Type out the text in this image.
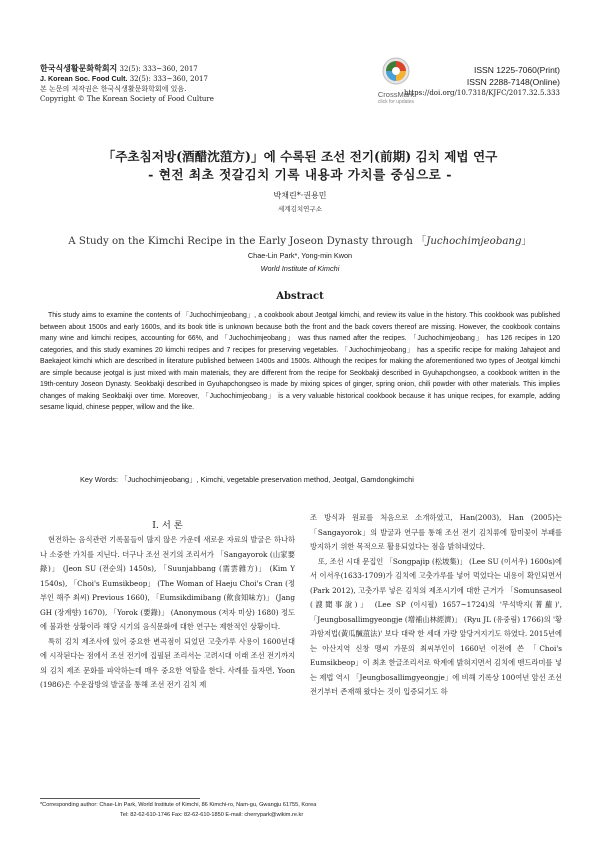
한국식생활문화학회지 32(5): 333~360, 2017
J. Korean Soc. Food Cult. 32(5): 333~360, 2017
본 논문의 저작권은 한국식생활문화학회에 있음.
Copyright © The Korean Society of Food Culture	CrossMark
click for updates
ISSN 1225-7060(Print)
ISSN 2288-7148(Online)
https://doi.org/10.7318/KJFC/2017.32.5.333
「주초침저방(酒醋沈菹方)」에 수록된 조선 전기(前期) 김치 제법 연구
- 현전 최초 젓갈김치 기록 내용과 가치를 중심으로 -
박채린*·권용민
세계김치연구소
A Study on the Kimchi Recipe in the Early Joseon Dynasty through 「Juchochimjeobang」
Chae-Lin Park*, Yong-min Kwon
World Institute of Kimchi
Abstract
This study aims to examine the contents of 「Juchochimjeobang」, a cookbook about Jeotgal kimchi, and review its value in the history. This cookbook was published between about 1500s and early 1600s, and its book title is unknown because both the front and the back covers thereof are missing. However, the cookbook contains many wine and kimchi recipes, accounting for 66%, and 「Juchochimjeobang」 was thus named after the recipes. 「Juchochimjeobang」 has 126 recipes in 120 categories, and this study examines 20 kimchi recipes and 7 recipes for preserving vegetables. 「Juchochimjeobang」 has a specific recipe for making Jahajeot and Baekajeot kimchi which are described in literature published between 1400s and 1500s. Although the recipes for making the aforementioned two types of Jeotgal kimchi are simple because jeotgal is just mixed with main materials, they are different from the recipe for Seokbakji described in Gyuhapchongseo, a cookbook written in the 19th-century Joseon Dynasty. Seokbakji described in Gyuhapchongseo is made by mixing spices of ginger, spring onion, chili powder with other materials. This implies changes of making Seokbakji over time. Moreover, 「Juchochimjeobang」 is a very valuable historical cookbook because it has unique recipes, for example, adding sesame liquid, chinese pepper, willow and the like.
Key Words: 「Juchochimjeobang」, Kimchi, vegetable preservation method, Jeotgal, Gamdongkimchi
Ⅰ. 서 론

현전하는 음식관련 기록물들이 많지 않은 가운데 새로운 자료의 발굴은 하나하나 소중한 가치를 지닌다. 더구나 조선 전기의 조리서가 「Sangayorok (山家要錄)」 (Jeon SU (전순의) 1450s), 「Suunjabbang (需雲雜方)」 (Kim Y 1540s), 「Choi's Eumsikbeop」 (The Woman of Haeju Choi's Cran (정부인 해주 최씨) Previous 1660), 「Eumsikdimibang (飮食知味方)」 (Jang GH (장계향) 1670), 「Yorok (要錄)」 (Anonymous (저자 미상) 1680) 정도에 불과한 상황이라 해당 시기의 음식문화에 대한 연구는 제한적인 상황이다.

특히 김치 제조사에 있어 중요한 변곡점이 되었던 고춧가루 사용이 1600년대에 시작된다는 점에서 조선 전기에 집필된 조리서는 고려시대 이래 조선 전기까지의 김치 제조 문화를 파악하는데 매우 중요한 역할을 한다. 사례를 들자면, Yoon (1986)은 수운잡방의 발굴을 통해 조선 전기 김치 제

조 방식과 원료를 처음으로 소개하였고, Han(2003), Han (2005)는 「Sangayorok」의 발굴과 연구를 통해 조선 전기 김치류에 할미꽃이 부패를 방지하기 위한 목적으로 활용되었다는 점을 밝혀내었다.

또, 조선 시대 문집인 「Songpajip (松坡集)」 (Lee SU (이서우) 1600s)에서 이서우(1633-1709)가 김치에 고춧가루를 넣어 먹었다는 내용이 확인되면서(Park 2012), 고춧가루 넣은 김치의 제조시기에 대한 근거가 「Somunsaseol (謏聞事說)」 (Lee SP (이시필) 1657~1724)의 '무석박지(菁蘿)', 「Jeungbosallimgyeongje (增補山林經濟)」 (Ryu JL (유중림) 1766)의 '황과함저법(黃瓜醎菹法)' 보다 대략 한 세대 가량 앞당겨지기도 하였다. 2015년에는 아산지역 신창 맹씨 가문의 최씨부인이 1660년 이전에 쓴 「Choi's Eumsikbeop」이 최초 한글조리서로 학계에 밝혀지면서 김치에 맨드라미를 넣는 제법 역시 「Jeungbosallimgyeongje」에 비해 기록상 100여년 앞선 조선 전기부터 존재해 왔다는 것이 입증되기도 하

*Corresponding author: Chae-Lin Park, World Institute of Kimchi, 86 Kimchi-ro, Nam-gu, Gwangju 61755, Korea
Tel: 82-62-610-1746 Fax: 82-62-610-1850 E-mail: cherrypark@wikim.re.kr
